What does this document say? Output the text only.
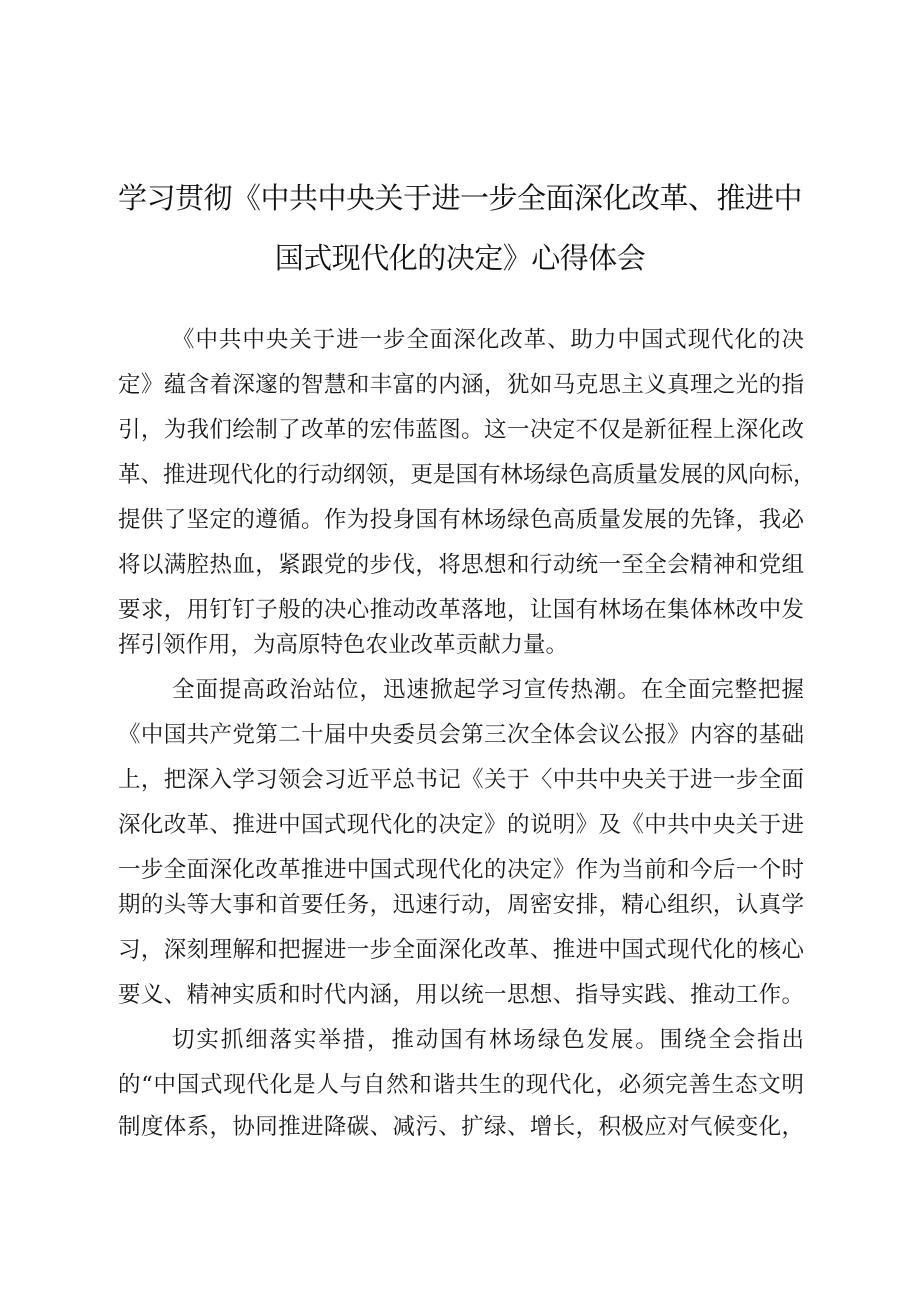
学习贯彻《中共中央关于进一步全面深化改革、推进中
国式现代化的决定》心得体会

《中共中央关于进一步全面深化改革、助力中国式现代化的决

定》蕴含着深邃的智慧和丰富的内涵，犹如马克思主义真理之光的指

引，为我们绘制了改革的宏伟蓝图。这一决定不仅是新征程上深化改

革、推进现代化的行动纲领，更是国有林场绿色高质量发展的风向标，

提供了坚定的遵循。作为投身国有林场绿色高质量发展的先锋，我必

将以满腔热血，紧跟党的步伐，将思想和行动统一至全会精神和党组

要求，用钉钉子般的决心推动改革落地，让国有林场在集体林改中发

挥引领作用，为高原特色农业改革贡献力量。

全面提高政治站位，迅速掀起学习宣传热潮。在全面完整把握

《中国共产党第二十届中央委员会第三次全体会议公报》内容的基础

上，把深入学习领会习近平总书记《关于〈中共中央关于进一步全面

深化改革、推进中国式现代化的决定》的说明》及《中共中央关于进

一步全面深化改革推进中国式现代化的决定》作为当前和今后一个时

期的头等大事和首要任务，迅速行动，周密安排，精心组织，认真学

习，深刻理解和把握进一步全面深化改革、推进中国式现代化的核心

要义、精神实质和时代内涵，用以统一思想、指导实践、推动工作。

切实抓细落实举措，推动国有林场绿色发展。围绕全会指出

的“中国式现代化是人与自然和谐共生的现代化，必须完善生态文明

制度体系，协同推进降碳、减污、扩绿、增长，积极应对气候变化，
